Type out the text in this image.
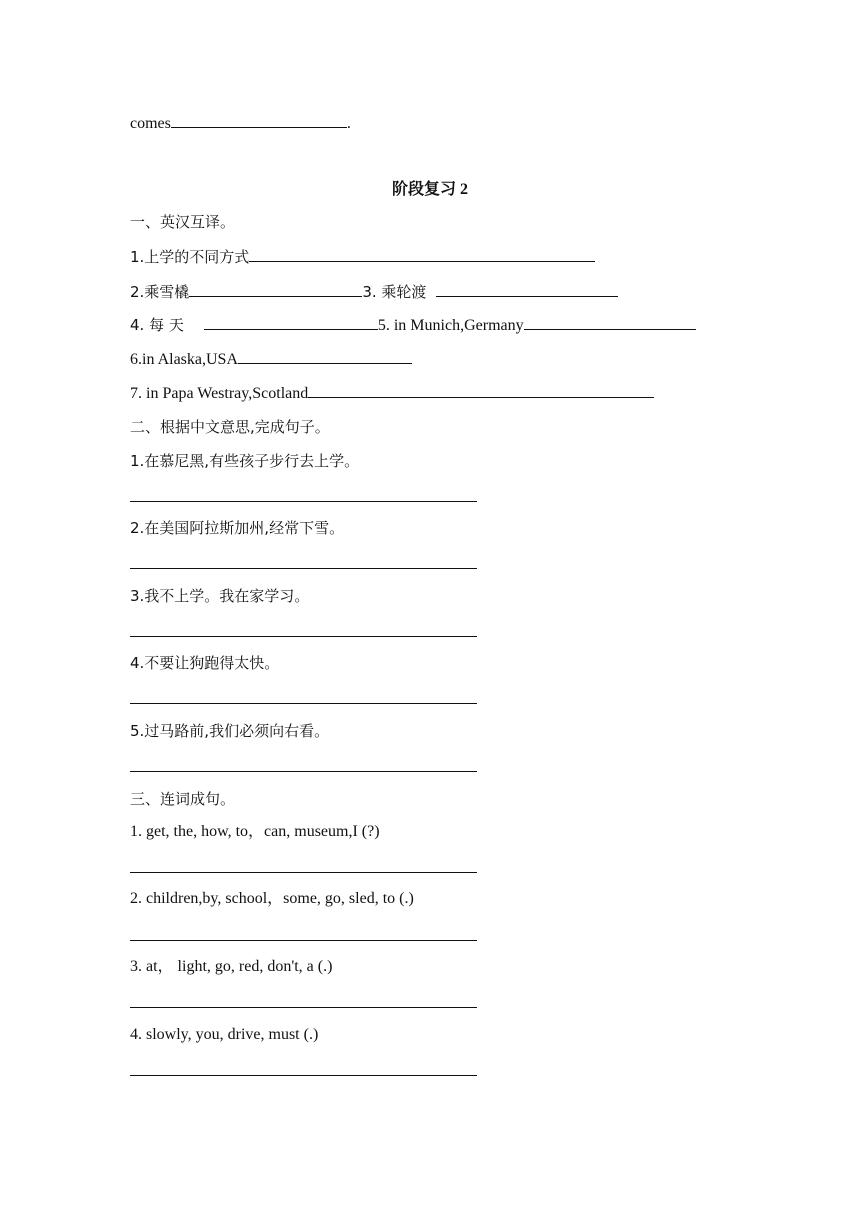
comes	.
阶段复习 2
一、英汉互译。
1.上学的不同方式
2.乘雪橇	3. 乘轮渡
4. 每 天	5. in Munich,Germany
6.in Alaska,USA
7. in Papa Westray,Scotland
二、根据中文意思,完成句子。
1.在慕尼黑,有些孩子步行去上学。
2.在美国阿拉斯加州,经常下雪。
3.我不上学。我在家学习。
4.不要让狗跑得太快。
5.过马路前,我们必须向右看。
三、连词成句。
1. get, the, how, to，can, museum,I (?)
2. children,by, school，some, go, sled, to (.)
3. at， light, go, red, don't, a (.)
4. slowly, you, drive, must (.)
